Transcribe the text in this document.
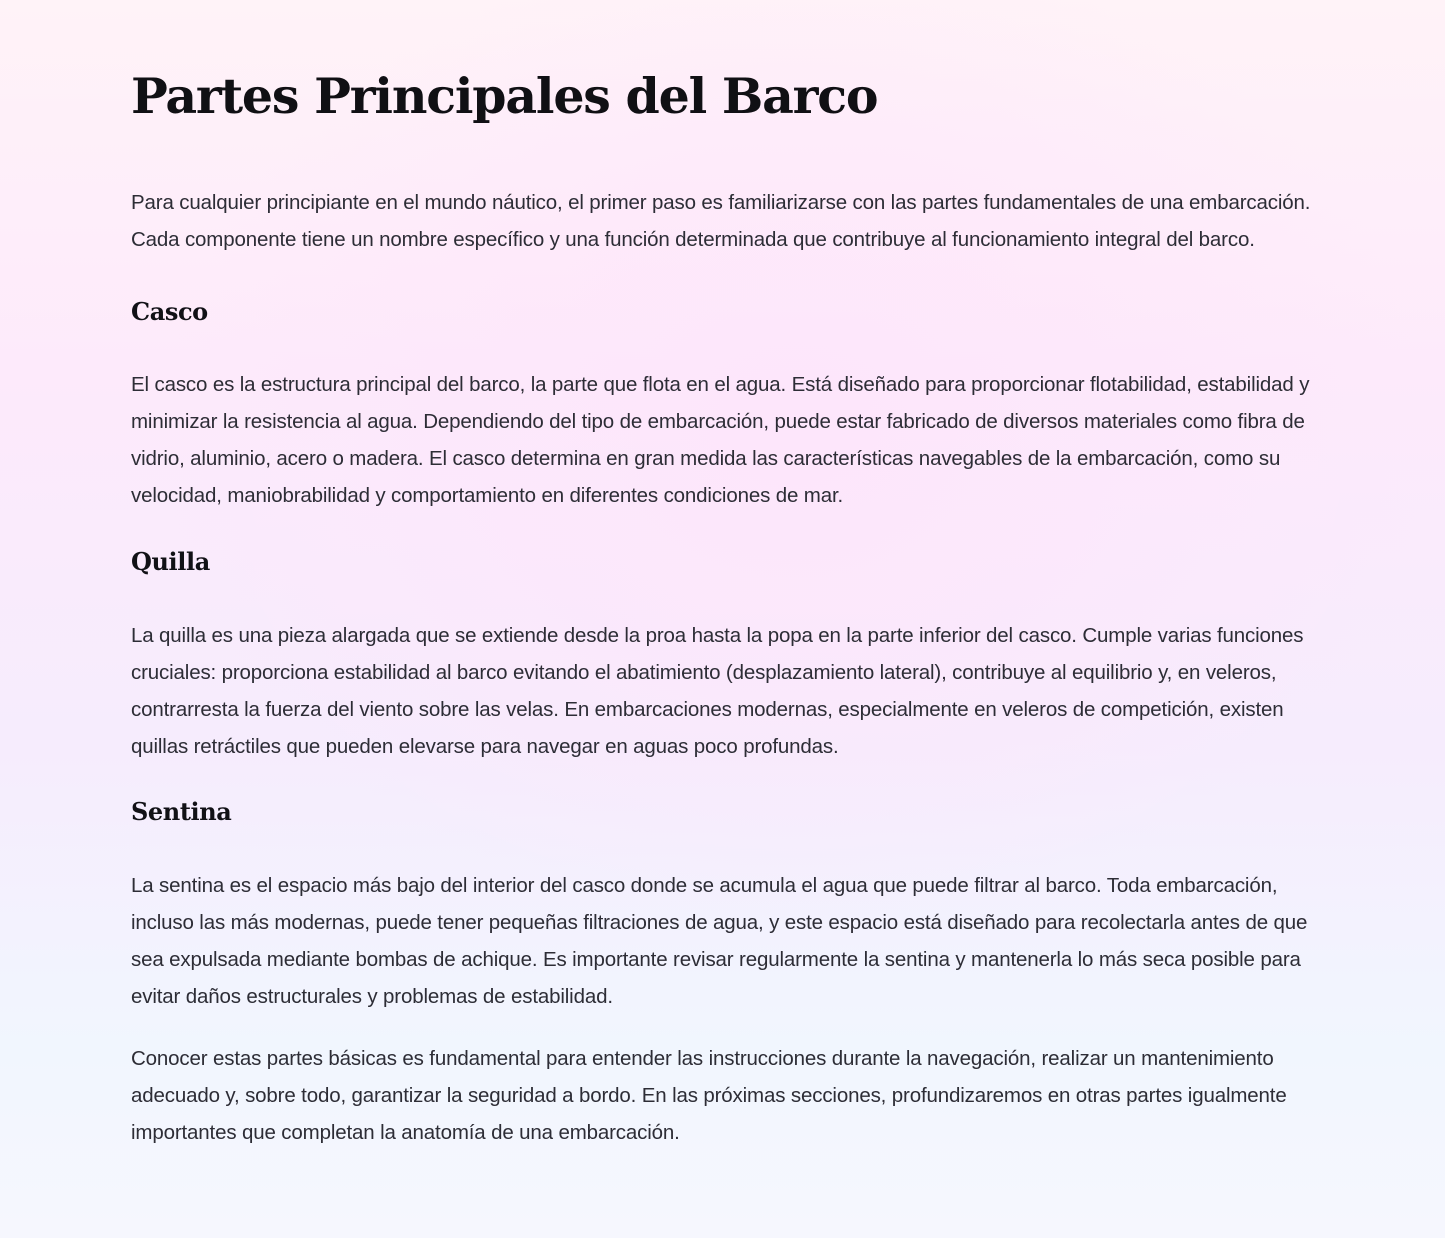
Partes Principales del Barco

Para cualquier principiante en el mundo náutico, el primer paso es familiarizarse con las partes fundamentales de una embarcación. Cada componente tiene un nombre específico y una función determinada que contribuye al funcionamiento integral del barco.

Casco

El casco es la estructura principal del barco, la parte que flota en el agua. Está diseñado para proporcionar flotabilidad, estabilidad y minimizar la resistencia al agua. Dependiendo del tipo de embarcación, puede estar fabricado de diversos materiales como fibra de vidrio, aluminio, acero o madera. El casco determina en gran medida las características navegables de la embarcación, como su velocidad, maniobrabilidad y comportamiento en diferentes condiciones de mar.

Quilla

La quilla es una pieza alargada que se extiende desde la proa hasta la popa en la parte inferior del casco. Cumple varias funciones cruciales: proporciona estabilidad al barco evitando el abatimiento (desplazamiento lateral), contribuye al equilibrio y, en veleros, contrarresta la fuerza del viento sobre las velas. En embarcaciones modernas, especialmente en veleros de competición, existen quillas retráctiles que pueden elevarse para navegar en aguas poco profundas.

Sentina

La sentina es el espacio más bajo del interior del casco donde se acumula el agua que puede filtrar al barco. Toda embarcación, incluso las más modernas, puede tener pequeñas filtraciones de agua, y este espacio está diseñado para recolectarla antes de que sea expulsada mediante bombas de achique. Es importante revisar regularmente la sentina y mantenerla lo más seca posible para evitar daños estructurales y problemas de estabilidad.

Conocer estas partes básicas es fundamental para entender las instrucciones durante la navegación, realizar un mantenimiento adecuado y, sobre todo, garantizar la seguridad a bordo. En las próximas secciones, profundizaremos en otras partes igualmente importantes que completan la anatomía de una embarcación.
